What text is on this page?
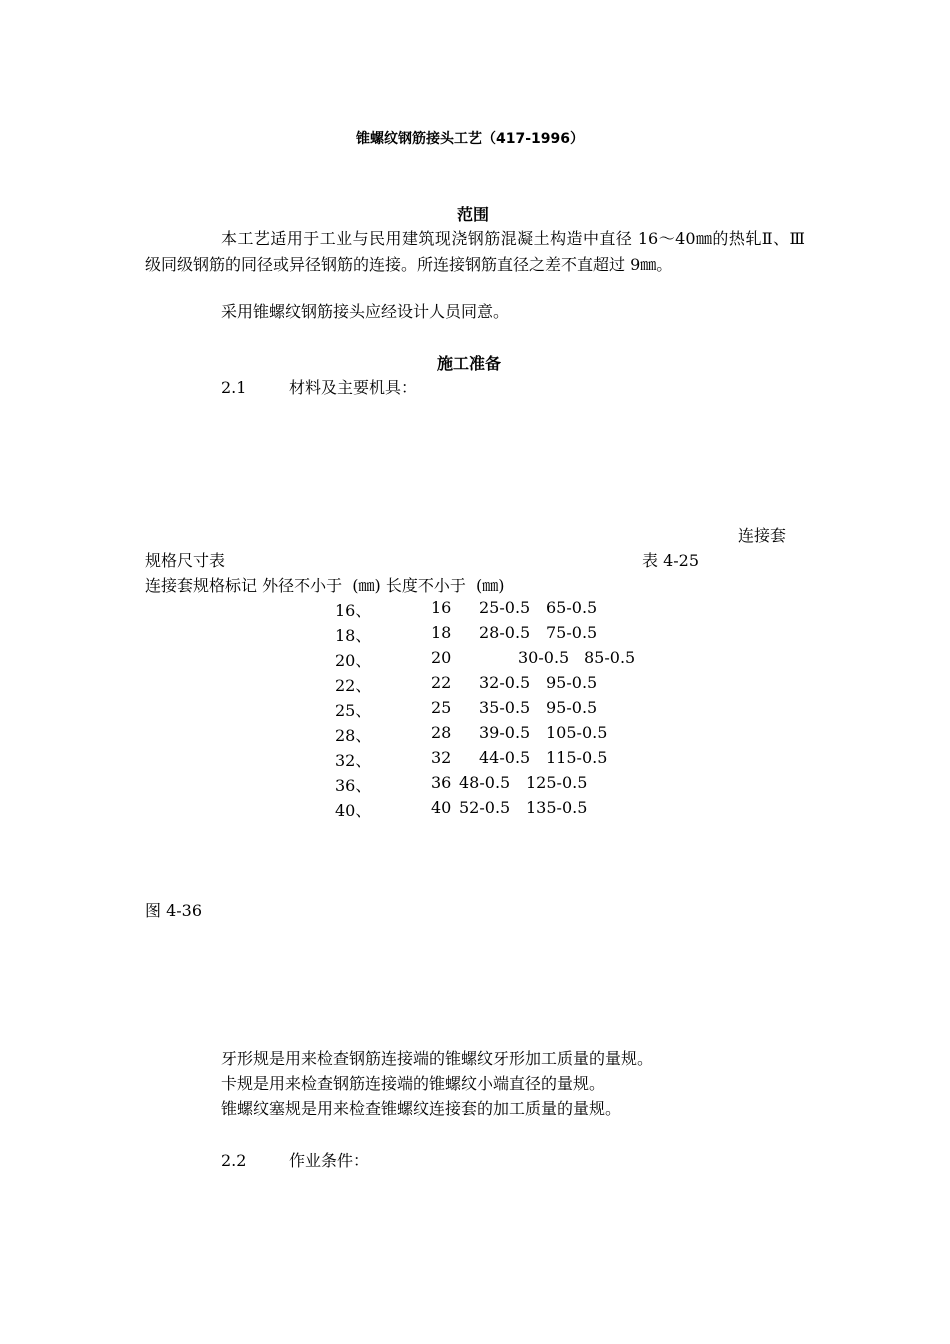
锥螺纹钢筋接头工艺（417-1996）
范围
本工艺适用于工业与民用建筑现浇钢筋混凝土构造中直径 16～40㎜的热轧Ⅱ、Ⅲ级同级钢筋的同径或异径钢筋的连接。所连接钢筋直径之差不直超过 9㎜。
采用锥螺纹钢筋接头应经设计人员同意。
施工准备
2.1	材料及主要机具：
连接套
规格尺寸表	表 4-25
连接套规格标记 外径不小于  (㎜) 长度不小于  (㎜)
16、	16 25-0.5 65-0.5
18、	18 28-0.5 75-0.5
20、	20	30-0.5 85-0.5
22、	22 32-0.5 95-0.5
25、	25 35-0.5 95-0.5
28、	28 39-0.5 105-0.5
32、	32 44-0.5 115-0.5
36、	36 48-0.5 125-0.5
40、	40 52-0.5 135-0.5
图 4-36
牙形规是用来检查钢筋连接端的锥螺纹牙形加工质量的量规。
卡规是用来检查钢筋连接端的锥螺纹小端直径的量规。
锥螺纹塞规是用来检查锥螺纹连接套的加工质量的量规。
2.2	作业条件：
